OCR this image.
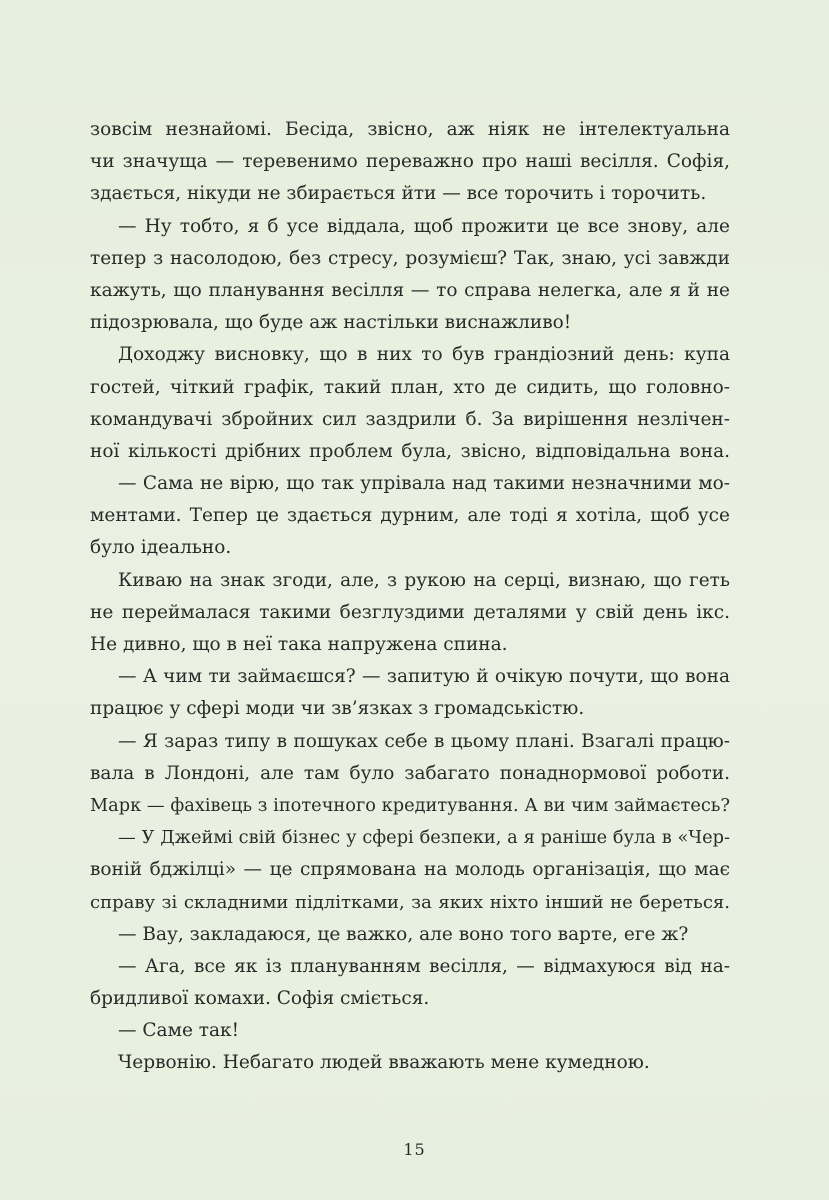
зовсім незнайомі. Бесіда, звісно, аж ніяк не інтелектуальна
чи значуща — теревенимо переважно про наші весілля. Софія,
здається, нікуди не збирається йти — все торочить і торочить.
— Ну тобто, я б усе віддала, щоб прожити це все знову, але
тепер з насолодою, без стресу, розумієш? Так, знаю, усі завжди
кажуть, що планування весілля — то справа нелегка, але я й не
підозрювала, що буде аж настільки виснажливо!
Доходжу висновку, що в них то був грандіозний день: купа
гостей, чіткий графік, такий план, хто де сидить, що головно-
командувачі збройних сил заздрили б. За вирішення незлічен-
ної кількості дрібних проблем була, звісно, відповідальна вона.
— Сама не вірю, що так упрівала над такими незначними мо-
ментами. Тепер це здається дурним, але тоді я хотіла, щоб усе
було ідеально.
Киваю на знак згоди, але, з рукою на серці, визнаю, що геть
не переймалася такими безглуздими деталями у свій день ікс.
Не дивно, що в неї така напружена спина.
— А чим ти займаєшся? — запитую й очікую почути, що вона
працює у сфері моди чи зв’язках з громадськістю.
— Я зараз типу в пошуках себе в цьому плані. Взагалі працю-
вала в Лондоні, але там було забагато понаднормової роботи.
Марк — фахівець з іпотечного кредитування. А ви чим займаєтесь?
— У Джеймі свій бізнес у сфері безпеки, а я раніше була в «Чер-
воній бджілці» — це спрямована на молодь організація, що має
справу зі складними підлітками, за яких ніхто інший не береться.
— Вау, закладаюся, це важко, але воно того варте, еге ж?
— Ага, все як із плануванням весілля, — відмахуюся від на-
бридливої комахи. Софія сміється.
— Саме так!
Червонію. Небагато людей вважають мене кумедною.
15
